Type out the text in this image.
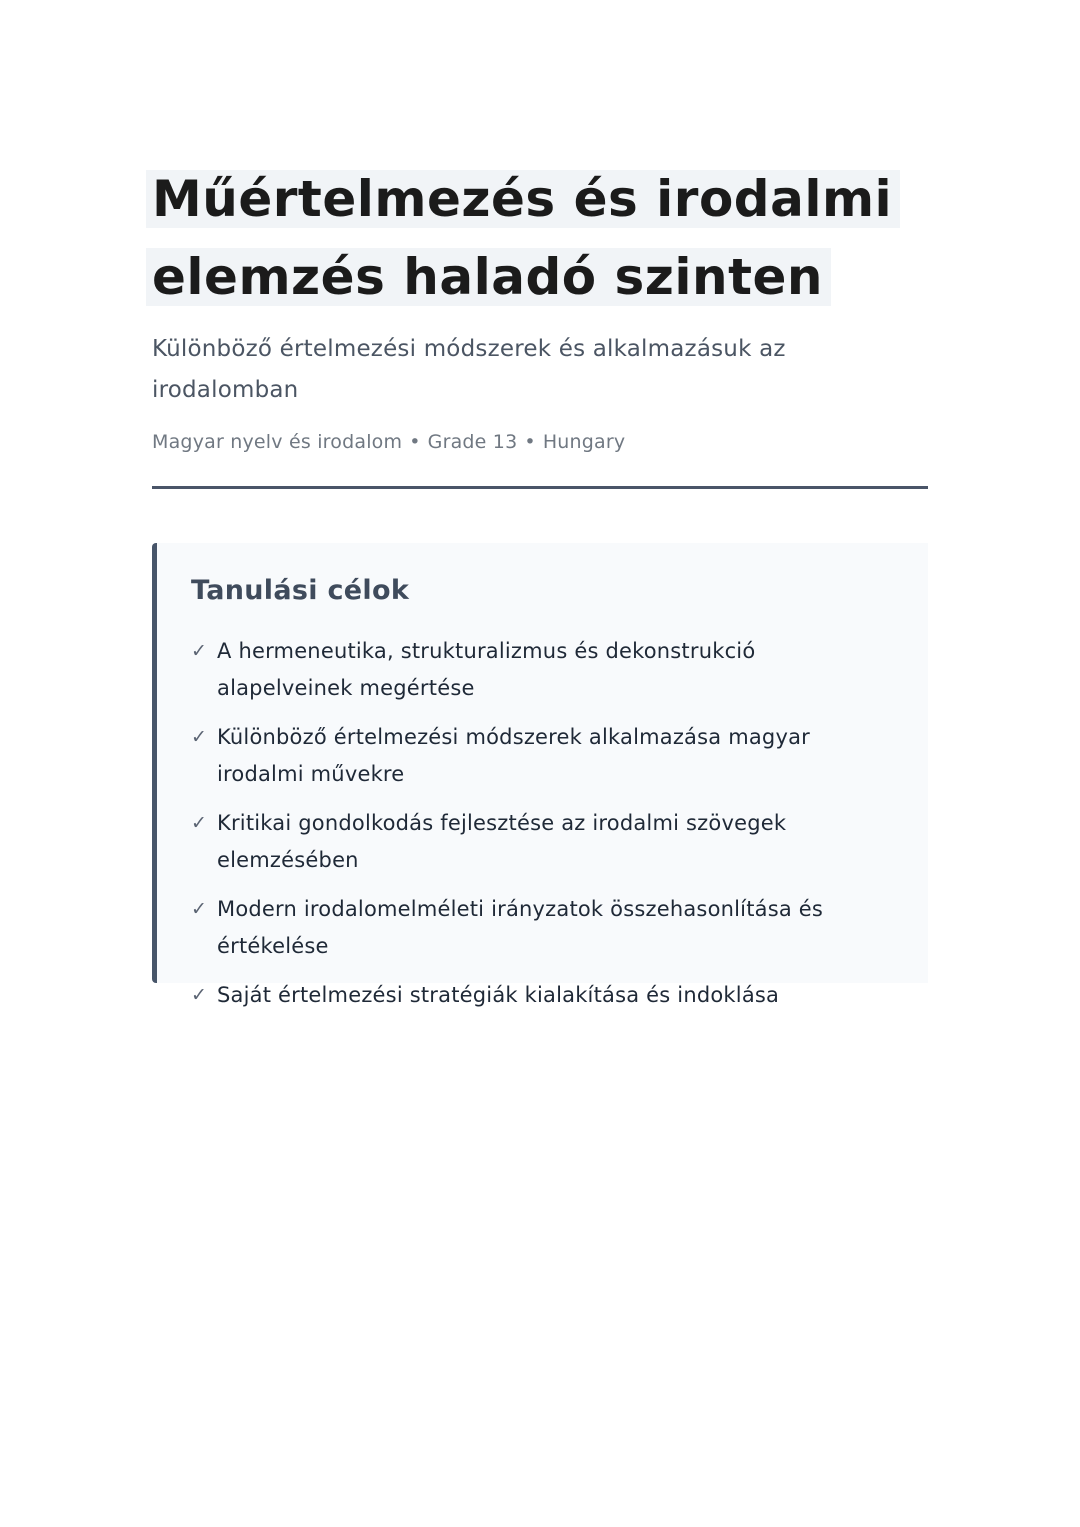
Műértelmezés és irodalmi
elemzés haladó szinten

Különböző értelmezési módszerek és alkalmazásuk az irodalomban

Magyar nyelv és irodalom • Grade 13 • Hungary
Tanulási célok
✓ A hermeneutika, strukturalizmus és dekonstrukció alapelveinek megértése
✓ Különböző értelmezési módszerek alkalmazása magyar irodalmi művekre
✓ Kritikai gondolkodás fejlesztése az irodalmi szövegek elemzésében
✓ Modern irodalomelméleti irányzatok összehasonlítása és értékelése
✓ Saját értelmezési stratégiák kialakítása és indoklása
